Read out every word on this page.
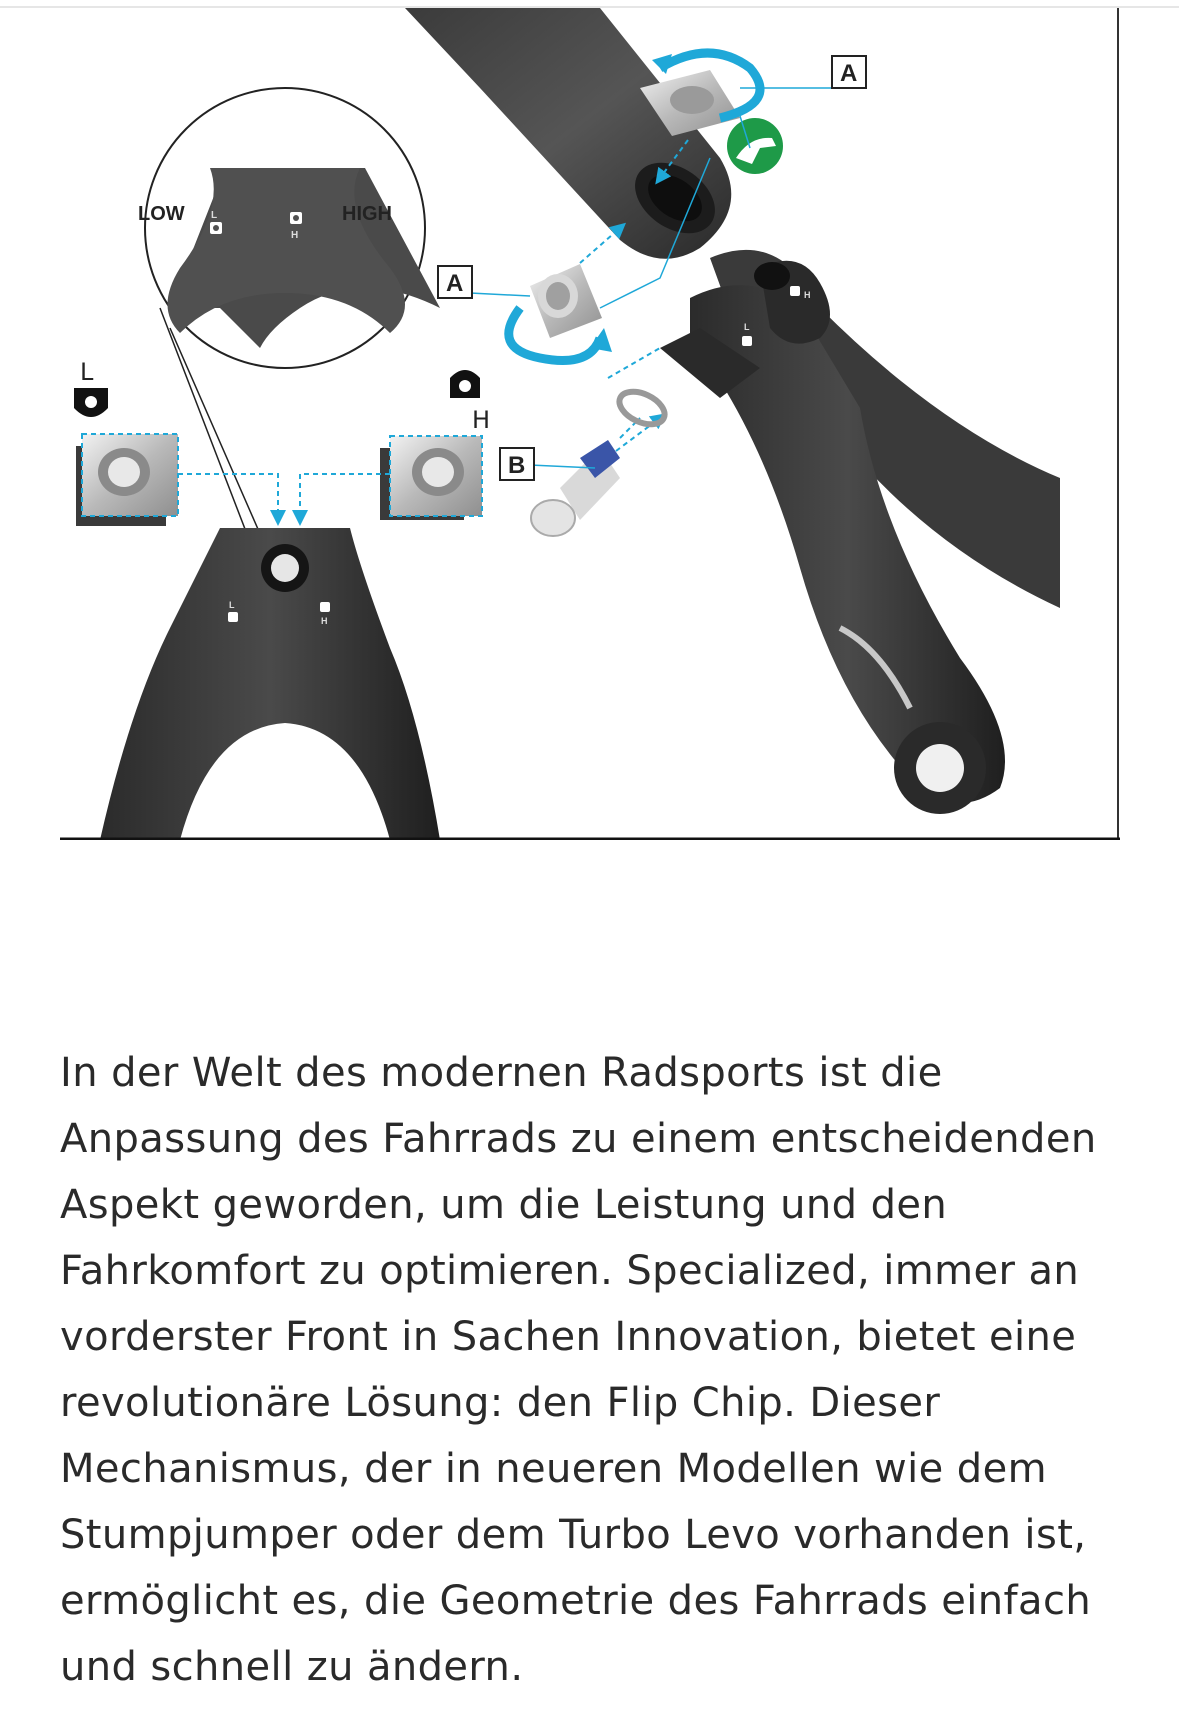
LOW	HIGH
L
H
L
H
L
H
L
H
A
A
B

In der Welt des modernen Radsports ist die Anpassung des Fahrrads zu einem entscheidenden Aspekt geworden, um die Leistung und den Fahrkomfort zu optimieren. Specialized, immer an vorderster Front in Sachen Innovation, bietet eine revolutionäre Lösung: den Flip Chip. Dieser Mechanismus, der in neueren Modellen wie dem Stumpjumper oder dem Turbo Levo vorhanden ist, ermöglicht es, die Geometrie des Fahrrads einfach und schnell zu ändern.
